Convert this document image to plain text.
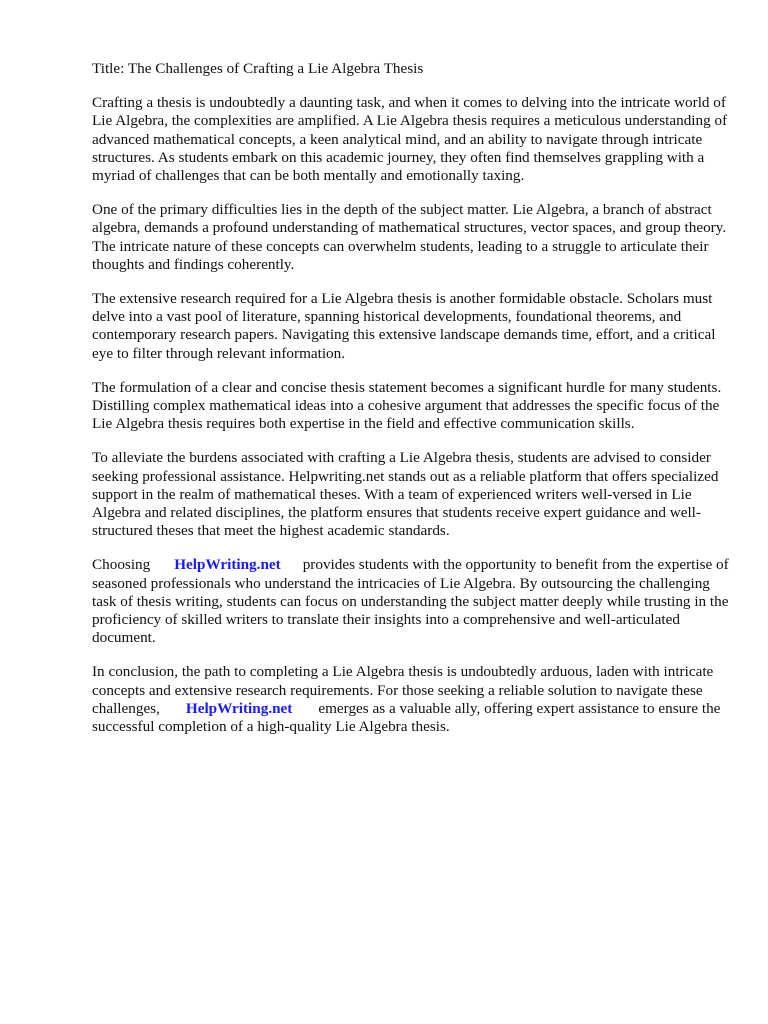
Title: The Challenges of Crafting a Lie Algebra Thesis

Crafting a thesis is undoubtedly a daunting task, and when it comes to delving into the intricate world of Lie Algebra, the complexities are amplified. A Lie Algebra thesis requires a meticulous understanding of advanced mathematical concepts, a keen analytical mind, and an ability to navigate through intricate structures. As students embark on this academic journey, they often find themselves grappling with a myriad of challenges that can be both mentally and emotionally taxing.

One of the primary difficulties lies in the depth of the subject matter. Lie Algebra, a branch of abstract algebra, demands a profound understanding of mathematical structures, vector spaces, and group theory. The intricate nature of these concepts can overwhelm students, leading to a struggle to articulate their thoughts and findings coherently.

The extensive research required for a Lie Algebra thesis is another formidable obstacle. Scholars must delve into a vast pool of literature, spanning historical developments, foundational theorems, and contemporary research papers. Navigating this extensive landscape demands time, effort, and a critical eye to filter through relevant information.

The formulation of a clear and concise thesis statement becomes a significant hurdle for many students. Distilling complex mathematical ideas into a cohesive argument that addresses the specific focus of the Lie Algebra thesis requires both expertise in the field and effective communication skills.

To alleviate the burdens associated with crafting a Lie Algebra thesis, students are advised to consider seeking professional assistance. Helpwriting.net stands out as a reliable platform that offers specialized support in the realm of mathematical theses. With a team of experienced writers well-versed in Lie Algebra and related disciplines, the platform ensures that students receive expert guidance and well-structured theses that meet the highest academic standards.

Choosing HelpWriting.net provides students with the opportunity to benefit from the expertise of seasoned professionals who understand the intricacies of Lie Algebra. By outsourcing the challenging task of thesis writing, students can focus on understanding the subject matter deeply while trusting in the proficiency of skilled writers to translate their insights into a comprehensive and well-articulated document.

In conclusion, the path to completing a Lie Algebra thesis is undoubtedly arduous, laden with intricate concepts and extensive research requirements. For those seeking a reliable solution to navigate these challenges, HelpWriting.net emerges as a valuable ally, offering expert assistance to ensure the successful completion of a high-quality Lie Algebra thesis.
